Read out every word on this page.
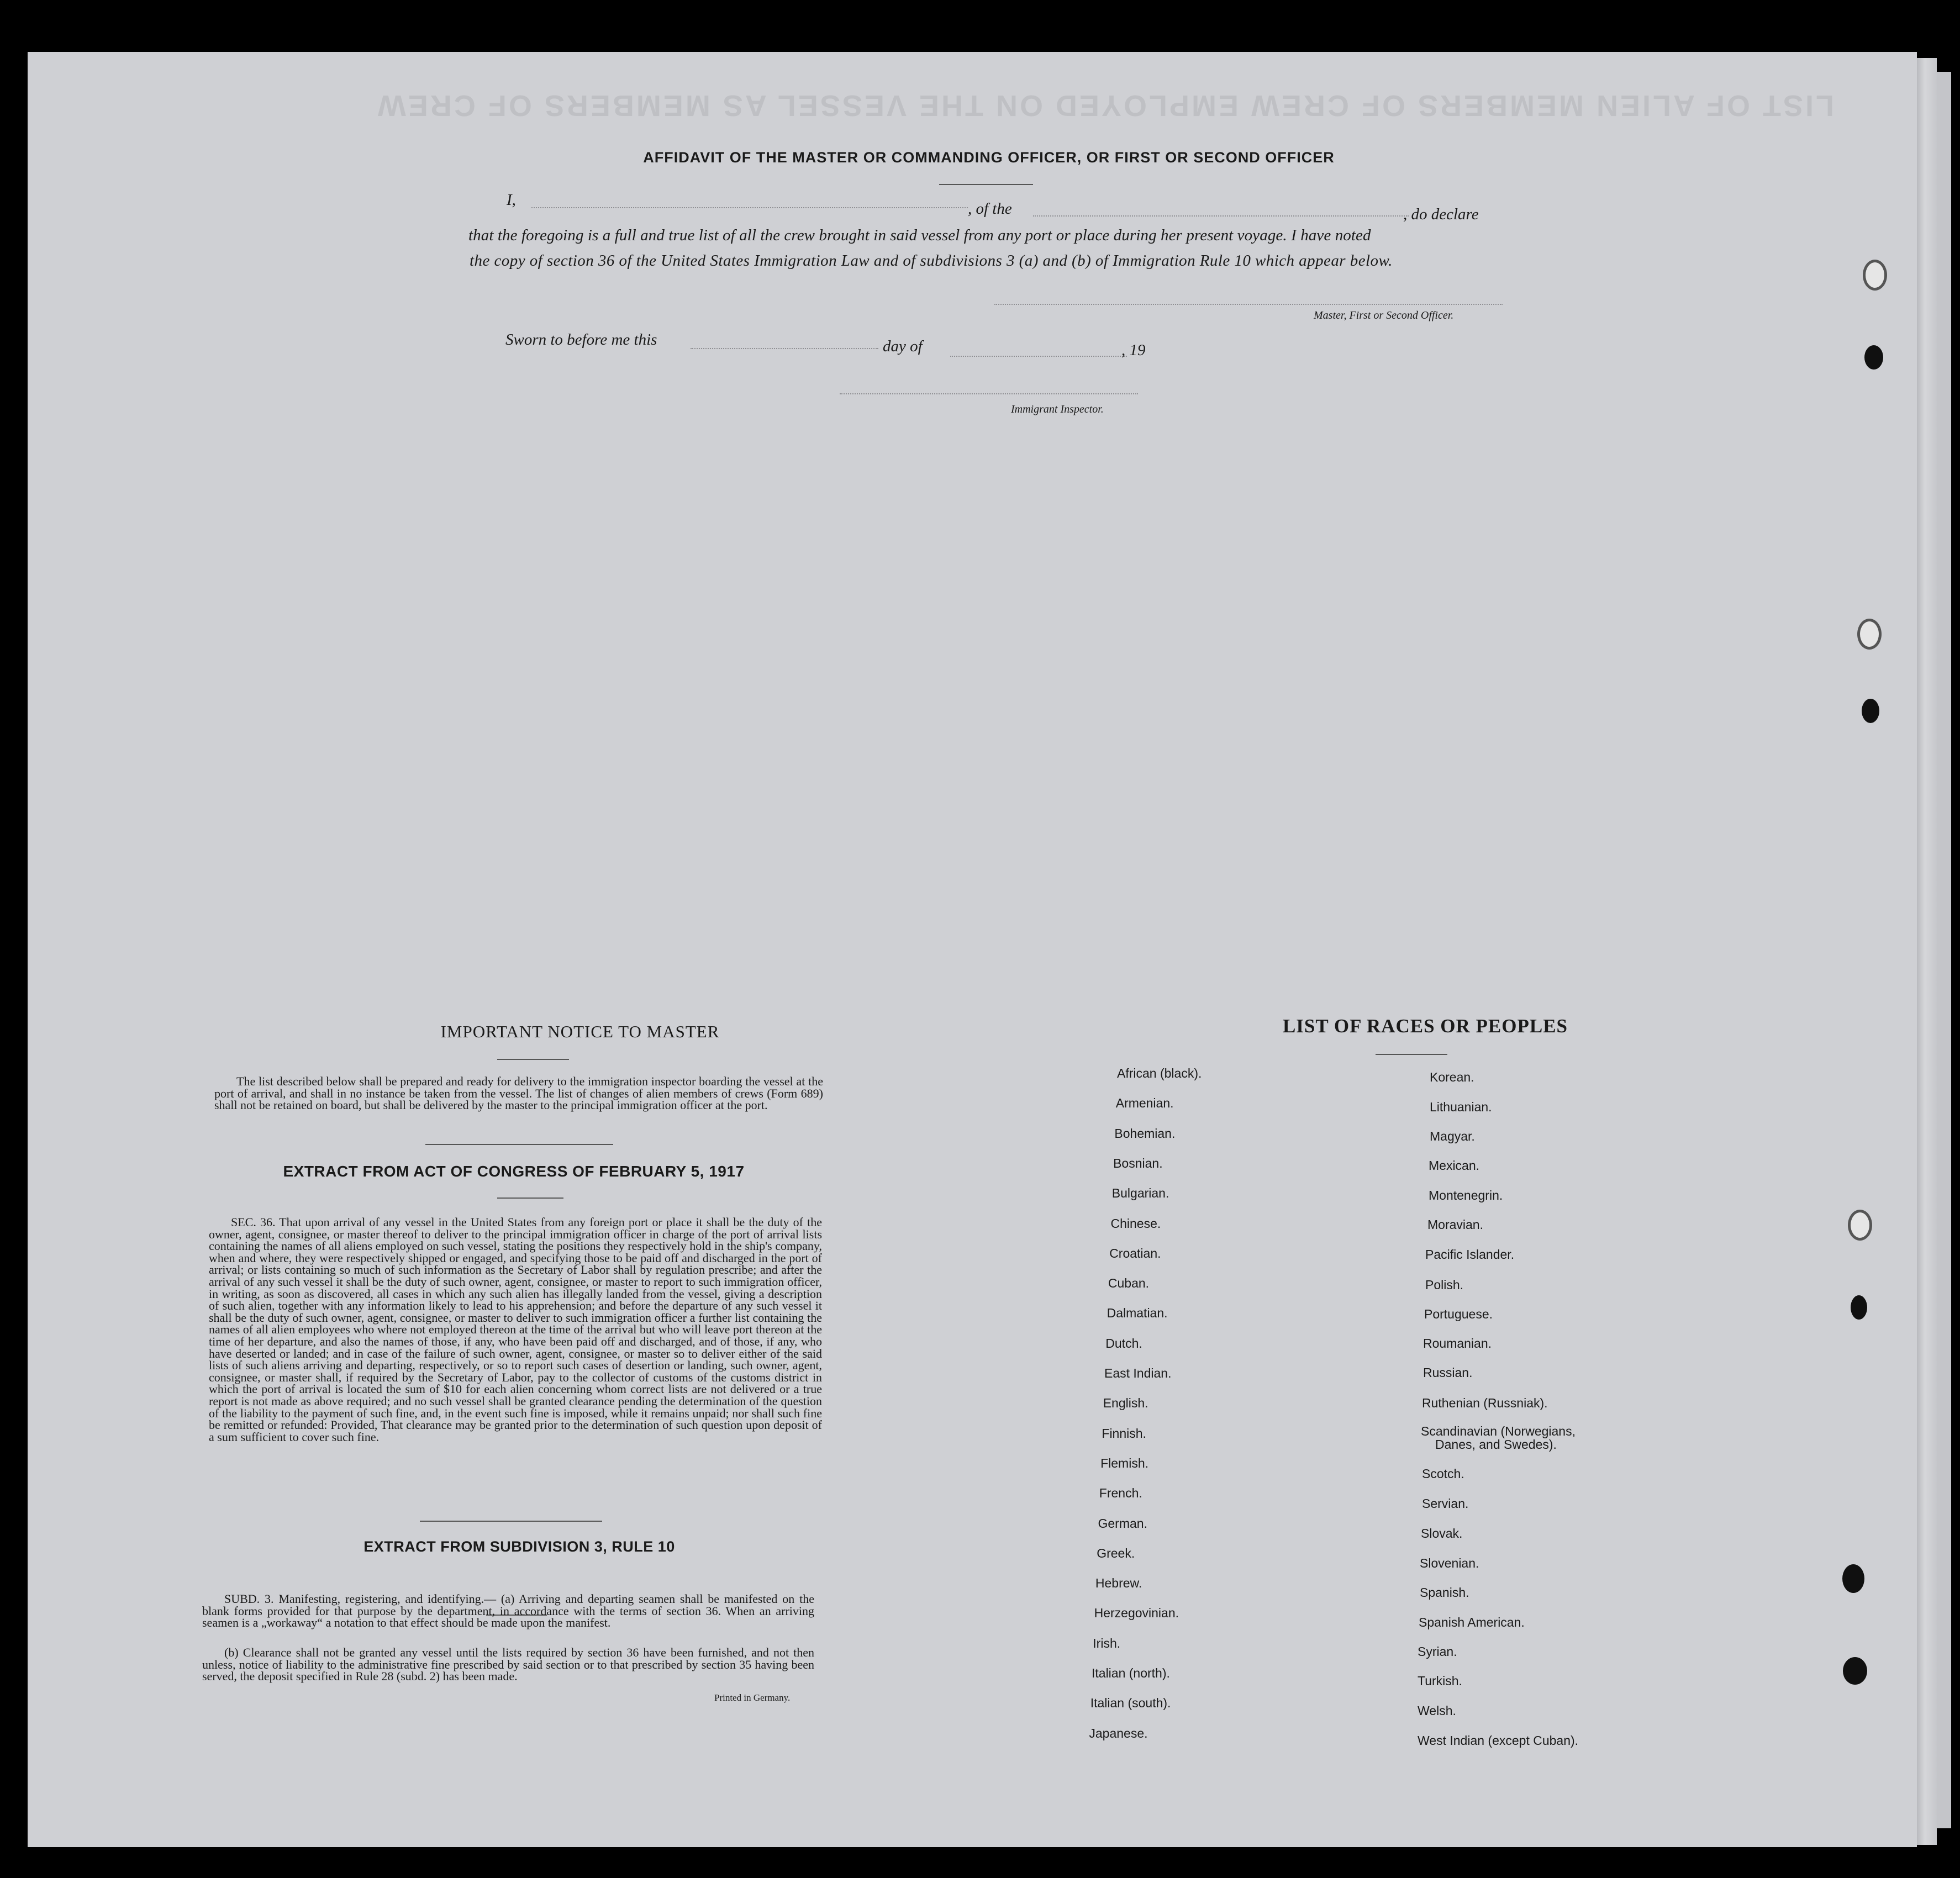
LIST OF ALIEN MEMBERS OF CREW EMPLOYED ON THE VESSEL AS MEMBERS OF CREW
AFFIDAVIT OF THE MASTER OR COMMANDING OFFICER, OR FIRST OR SECOND OFFICER
I,	, of the	, do declare
that the foregoing is a full and true list of all the crew brought in said vessel from any port or place during her present voyage. I have noted
the copy of section 36 of the United States Immigration Law and of subdivisions 3 (a) and (b) of Immigration Rule 10 which appear below.
Master, First or Second Officer.
Sworn to before me this	day of	, 19
Immigrant Inspector.
IMPORTANT NOTICE TO MASTER
The list described below shall be prepared and ready for delivery to the immigration inspector boarding the vessel at the port of arrival, and shall in no instance be taken from the vessel. The list of changes of alien members of crews (Form 689) shall not be retained on board, but shall be delivered by the master to the principal immigration officer at the port.
EXTRACT FROM ACT OF CONGRESS OF FEBRUARY 5, 1917
SEC. 36. That upon arrival of any vessel in the United States from any foreign port or place it shall be the duty of the owner, agent, consignee, or master thereof to deliver to the principal immigration officer in charge of the port of arrival lists containing the names of all aliens employed on such vessel, stating the positions they respectively hold in the ship's company, when and where, they were respectively shipped or engaged, and specifying those to be paid off and discharged in the port of arrival; or lists containing so much of such information as the Secretary of Labor shall by regulation prescribe; and after the arrival of any such vessel it shall be the duty of such owner, agent, consignee, or master to report to such immigration officer, in writing, as soon as discovered, all cases in which any such alien has illegally landed from the vessel, giving a description of such alien, together with any information likely to lead to his apprehension; and before the departure of any such vessel it shall be the duty of such owner, agent, consignee, or master to deliver to such immigration officer a further list containing the names of all alien employees who where not employed thereon at the time of the arrival but who will leave port thereon at the time of her departure, and also the names of those, if any, who have been paid off and discharged, and of those, if any, who have deserted or landed; and in case of the failure of such owner, agent, consignee, or master so to deliver either of the said lists of such aliens arriving and departing, respectively, or so to report such cases of desertion or landing, such owner, agent, consignee, or master shall, if required by the Secretary of Labor, pay to the collector of customs of the customs district in which the port of arrival is located the sum of $10 for each alien concerning whom correct lists are not delivered or a true report is not made as above required; and no such vessel shall be granted clearance pending the determination of the question of the liability to the payment of such fine, and, in the event such fine is imposed, while it remains unpaid; nor shall such fine be remitted or refunded: Provided, That clearance may be granted prior to the determination of such question upon deposit of a sum sufficient to cover such fine.
EXTRACT FROM SUBDIVISION 3, RULE 10
SUBD. 3. Manifesting, registering, and identifying.— (a) Arriving and departing seamen shall be manifested on the blank forms provided for that purpose by the department, in accordance with the terms of section 36. When an arriving seamen is a „workaway“ a notation to that effect should be made upon the manifest.
(b) Clearance shall not be granted any vessel until the lists required by section 36 have been furnished, and not then unless, notice of liability to the administrative fine prescribed by said section or to that prescribed by section 35 having been served, the deposit specified in Rule 28 (subd. 2) has been made.
Printed in Germany.
LIST OF RACES OR PEOPLES
African (black).
Armenian.
Bohemian.
Bosnian.
Bulgarian.
Chinese.
Croatian.
Cuban.
Dalmatian.
Dutch.
East Indian.
English.
Finnish.
Flemish.
French.
German.
Greek.
Hebrew.
Herzegovinian.
Irish.
Italian (north).
Italian (south).
Japanese.
Korean.
Lithuanian.
Magyar.
Mexican.
Montenegrin.
Moravian.
Pacific Islander.
Polish.
Portuguese.
Roumanian.
Russian.
Ruthenian (Russniak).
Scandinavian (Norwegians,
Danes, and Swedes).
Scotch.
Servian.
Slovak.
Slovenian.
Spanish.
Spanish American.
Syrian.
Turkish.
Welsh.
West Indian (except Cuban).
